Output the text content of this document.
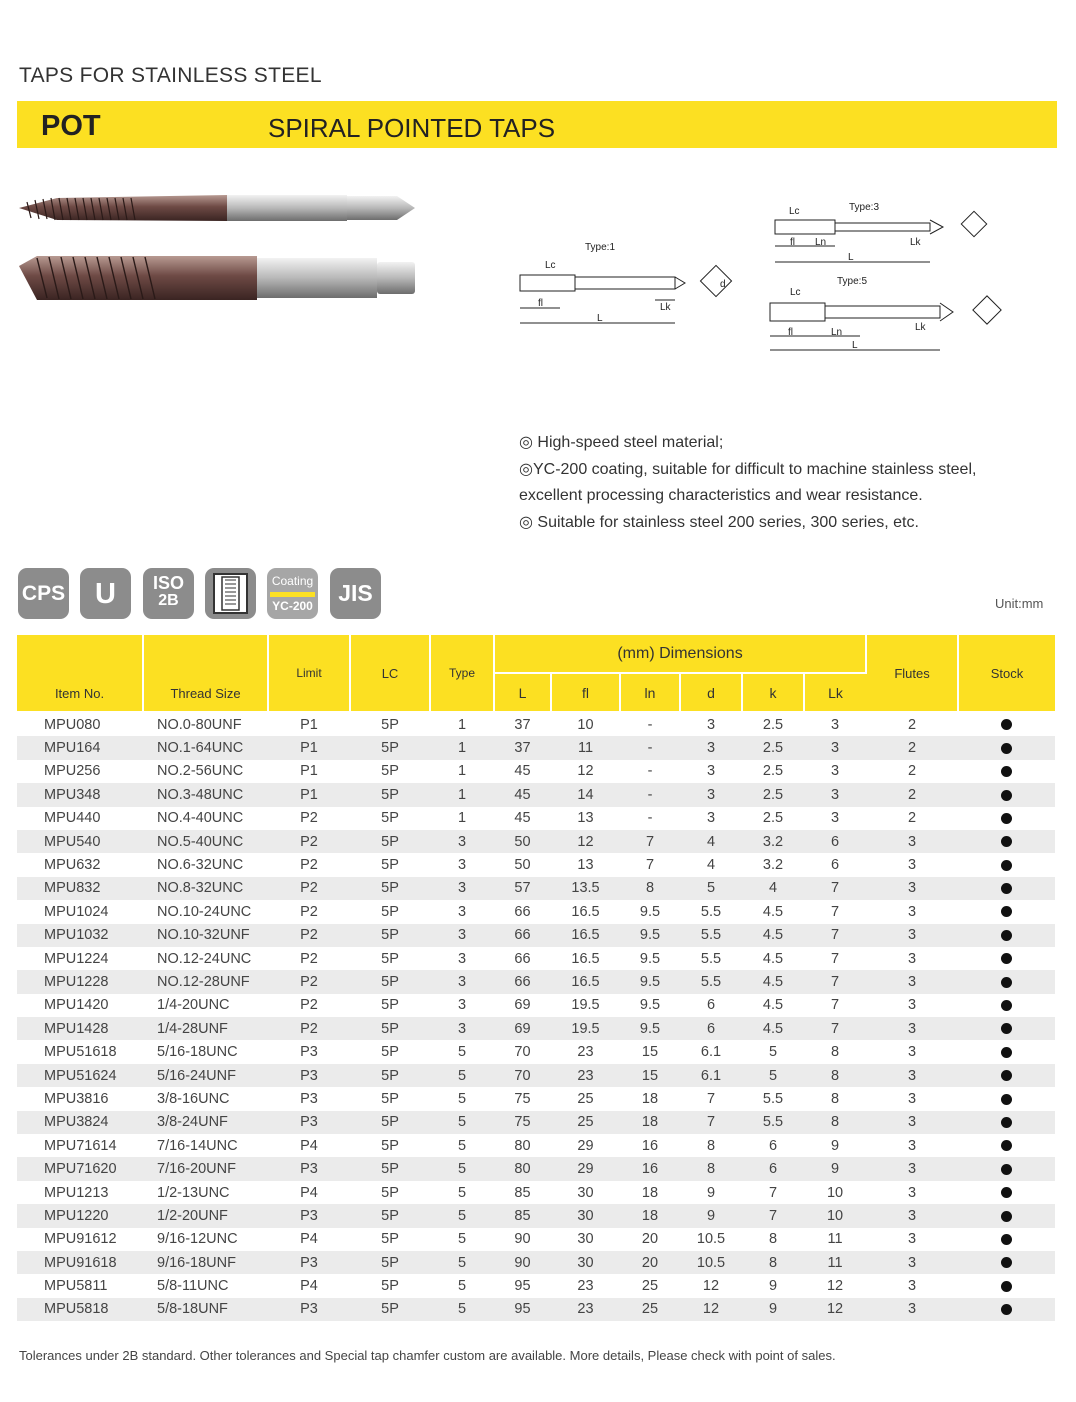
TAPS FOR STAINLESS STEEL
POT	SPIRAL POINTED TAPS
Type:1
Lc
fl
L
Lk
d
Type:3
Lc
fl Ln
L
Lk
Type:5
Lc
fl	Ln
L
Lk
◎ High-speed steel material;
◎YC-200 coating, suitable for difficult to machine stainless steel,
excellent processing characteristics and wear resistance.
◎ Suitable for stainless steel 200 series, 300 series, etc.
CPS	U	ISO
2B
Coating
YC-200	JIS	Unit:mm
Item No.	Thread Size	Limit	LC	Type	(mm) Dimensions						Flutes	Stock
					L	fl	ln	d	k	Lk		
MPU080	NO.0-80UNF	P1	5P	1	37	10	-	3	2.5	3	2	
MPU164	NO.1-64UNC	P1	5P	1	37	11	-	3	2.5	3	2	
MPU256	NO.2-56UNC	P1	5P	1	45	12	-	3	2.5	3	2	
MPU348	NO.3-48UNC	P1	5P	1	45	14	-	3	2.5	3	2	
MPU440	NO.4-40UNC	P2	5P	1	45	13	-	3	2.5	3	2	
MPU540	NO.5-40UNC	P2	5P	3	50	12	7	4	3.2	6	3	
MPU632	NO.6-32UNC	P2	5P	3	50	13	7	4	3.2	6	3	
MPU832	NO.8-32UNC	P2	5P	3	57	13.5	8	5	4	7	3	
MPU1024	NO.10-24UNC	P2	5P	3	66	16.5	9.5	5.5	4.5	7	3	
MPU1032	NO.10-32UNF	P2	5P	3	66	16.5	9.5	5.5	4.5	7	3	
MPU1224	NO.12-24UNC	P2	5P	3	66	16.5	9.5	5.5	4.5	7	3	
MPU1228	NO.12-28UNF	P2	5P	3	66	16.5	9.5	5.5	4.5	7	3	
MPU1420	1/4-20UNC	P2	5P	3	69	19.5	9.5	6	4.5	7	3	
MPU1428	1/4-28UNF	P2	5P	3	69	19.5	9.5	6	4.5	7	3	
MPU51618	5/16-18UNC	P3	5P	5	70	23	15	6.1	5	8	3	
MPU51624	5/16-24UNF	P3	5P	5	70	23	15	6.1	5	8	3	
MPU3816	3/8-16UNC	P3	5P	5	75	25	18	7	5.5	8	3	
MPU3824	3/8-24UNF	P3	5P	5	75	25	18	7	5.5	8	3	
MPU71614	7/16-14UNC	P4	5P	5	80	29	16	8	6	9	3	
MPU71620	7/16-20UNF	P3	5P	5	80	29	16	8	6	9	3	
MPU1213	1/2-13UNC	P4	5P	5	85	30	18	9	7	10	3	
MPU1220	1/2-20UNF	P3	5P	5	85	30	18	9	7	10	3	
MPU91612	9/16-12UNC	P4	5P	5	90	30	20	10.5	8	11	3	
MPU91618	9/16-18UNF	P3	5P	5	90	30	20	10.5	8	11	3	
MPU5811	5/8-11UNC	P4	5P	5	95	23	25	12	9	12	3	
MPU5818	5/8-18UNF	P3	5P	5	95	23	25	12	9	12	3	
Tolerances under 2B standard. Other tolerances and Special tap chamfer custom are available. More details, Please check with point of sales.
